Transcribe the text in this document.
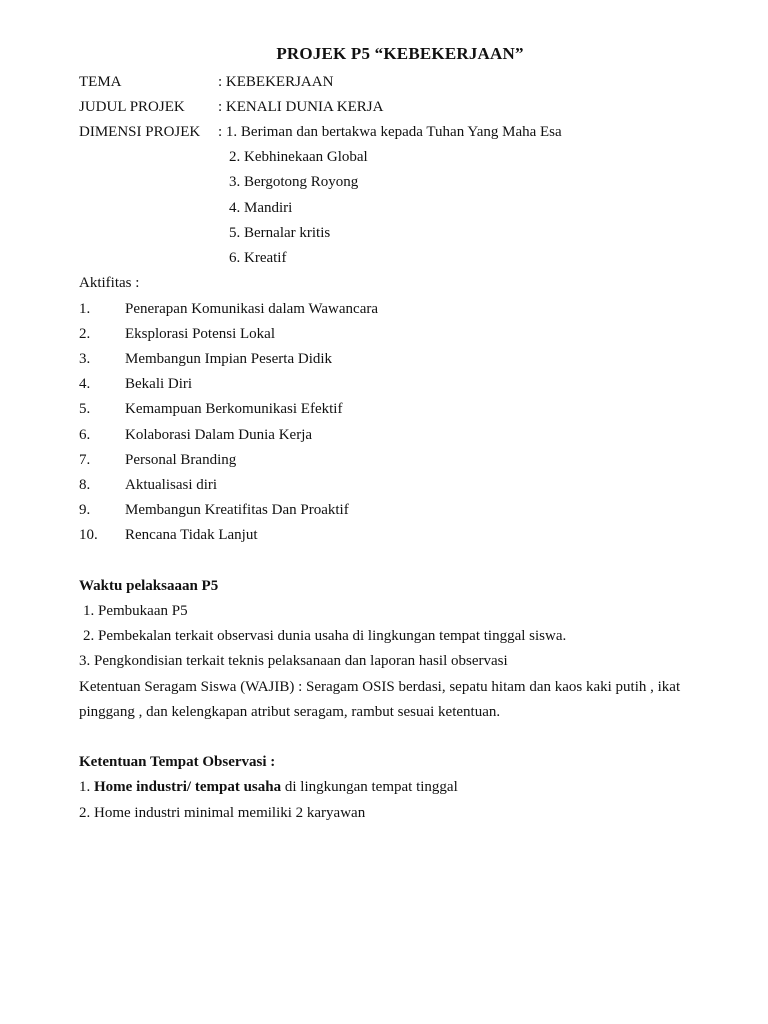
PROJEK P5 “KEBEKERJAAN”
TEMA	: KEBEKERJAAN
JUDUL PROJEK : KENALI DUNIA KERJA
DIMENSI PROJEK : 1. Beriman dan bertakwa kepada Tuhan Yang Maha Esa
2. Kebhinekaan Global
3. Bergotong Royong
4. Mandiri
5. Bernalar kritis
6. Kreatif
Aktifitas :
1. Penerapan Komunikasi dalam Wawancara
2. Eksplorasi Potensi Lokal
3. Membangun Impian Peserta Didik
4. Bekali Diri
5. Kemampuan Berkomunikasi Efektif
6. Kolaborasi Dalam Dunia Kerja
7. Personal Branding
8. Aktualisasi diri
9. Membangun Kreatifitas Dan Proaktif
10. Rencana Tidak Lanjut
Waktu pelaksaaan P5
1. Pembukaan P5
2. Pembekalan terkait observasi dunia usaha di lingkungan tempat tinggal siswa.
3. Pengkondisian terkait teknis pelaksanaan dan laporan hasil observasi
Ketentuan Seragam Siswa (WAJIB) : Seragam OSIS berdasi, sepatu hitam dan kaos kaki putih , ikat
pinggang , dan kelengkapan atribut seragam, rambut sesuai ketentuan.
Ketentuan Tempat Observasi :
1. Home industri/ tempat usaha di lingkungan tempat tinggal
2. Home industri minimal memiliki 2 karyawan
